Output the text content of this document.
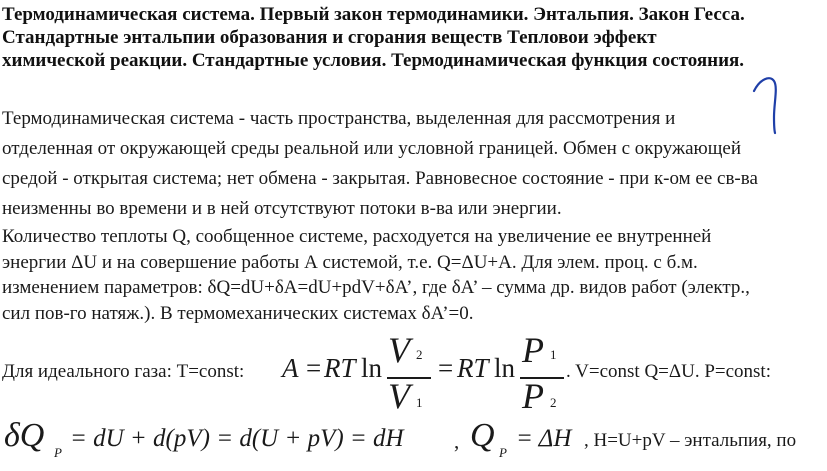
Термодинамическая система. Первый закон термодинамики. Энтальпия. Закон Гесса.
Стандартные энтальпии образования и сгорания веществ Тепловои эффект
химической реакции. Стандартные условия. Термодинамическая функция состояния.
Термодинамическая система - часть пространства, выделенная для рассмотрения и
отделенная от окружающей среды реальной или условной границей. Обмен с окружающей
средой - открытая система; нет обмена - закрытая. Равновесное состояние - при к-ом ее св-ва
неизменны во времени и в ней отсутствуют потоки в-ва или энергии.
Количество теплоты Q, сообщенное системе, расходуется на увеличение ее внутренней
энергии ΔU и на совершение работы А системой, т.е. Q=ΔU+A. Для элем. проц. с б.м.
изменением параметров: δQ=dU+δA=dU+pdV+δA’, где δA’ – сумма др. видов работ (электр.,
сил пов-го натяж.). В термомеханических системах δA’=0.
Для идеального газа: T=const: A = RT ln V 2
V 1
= RT ln P 1
P 2
. V=const Q=ΔU. P=const:
δQ P
= dU + d(pV) = d(U + pV) = dH , Q P
= ΔH , H=U+pV – энтальпия, по
